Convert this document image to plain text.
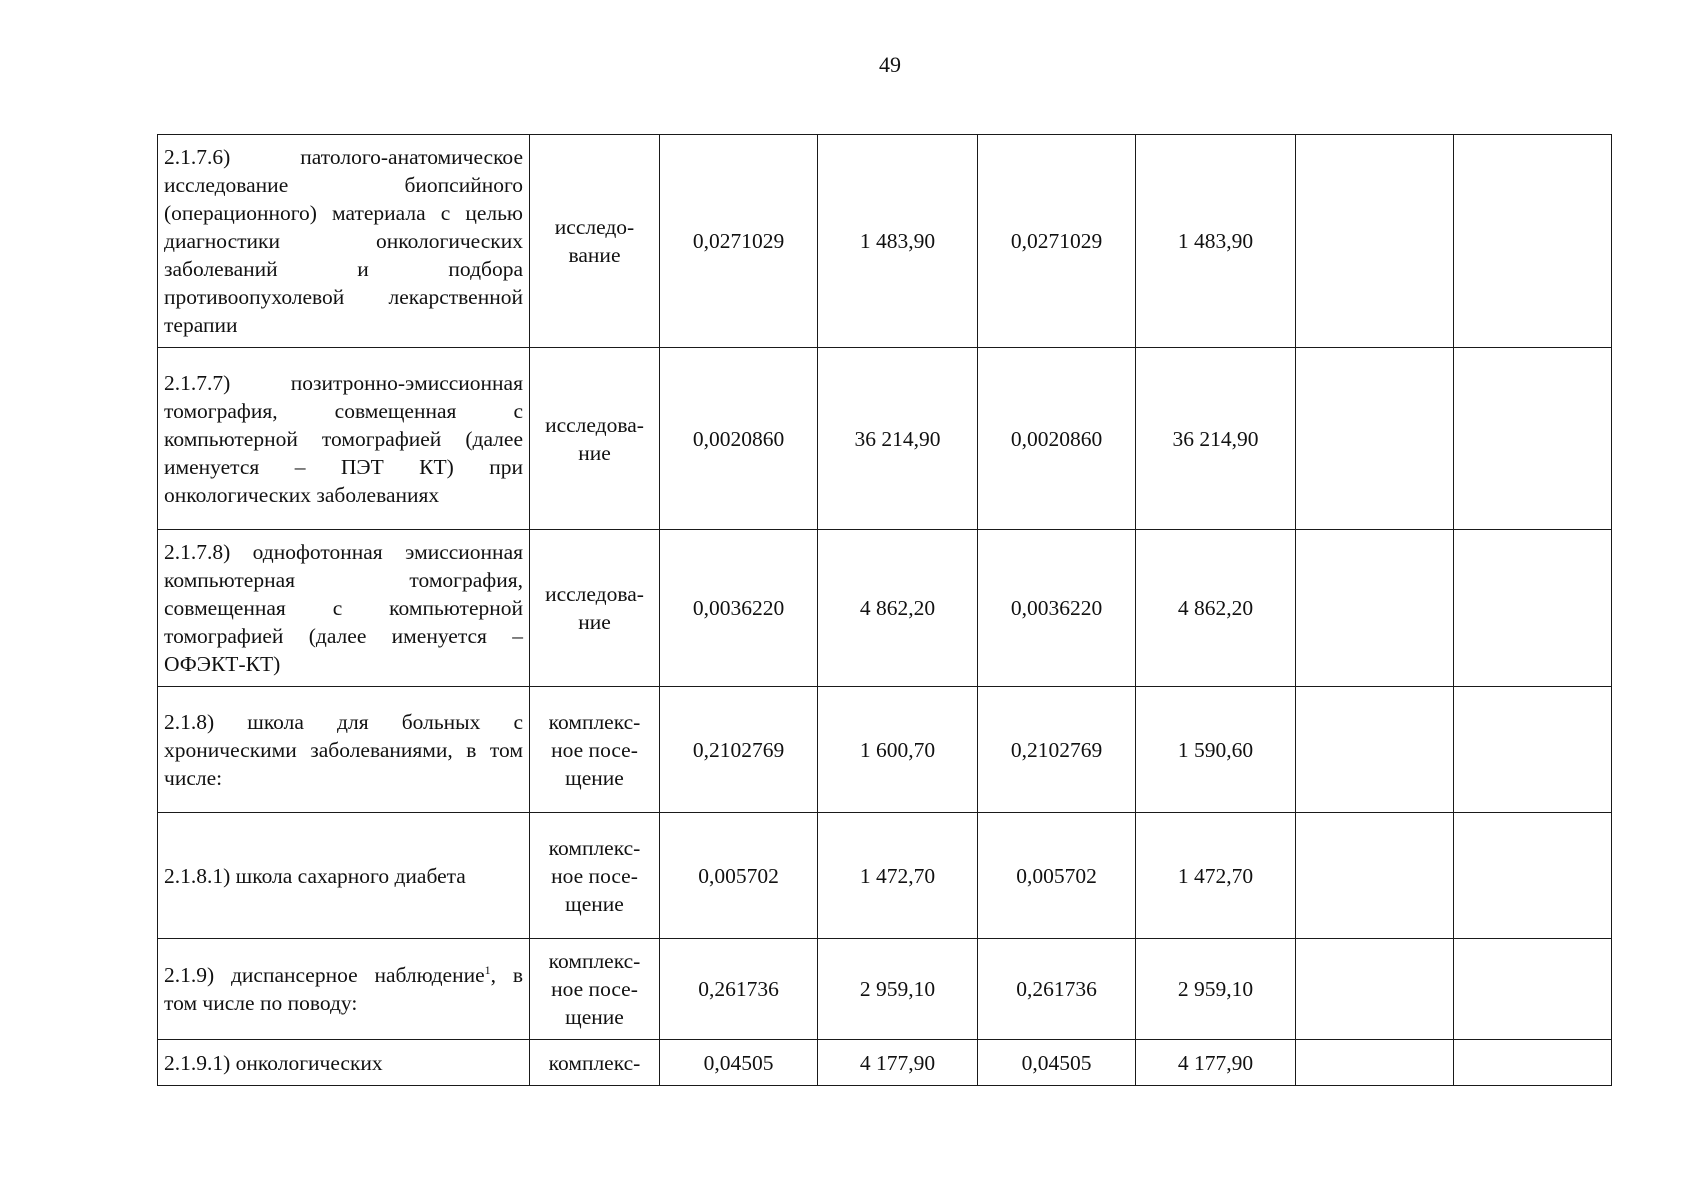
49
2.1.7.6) патолого-анатомическое исследование биопсийного (операционного) материала с целью диагностики онкологических заболеваний и подбора противоопухолевой лекарственной терапии	исследо-вание	0,0271029	1 483,90	0,0271029	1 483,90		
2.1.7.7) позитронно-эмиссионная томография, совмещенная с компьютерной томографией (далее именуется – ПЭТ КТ) при онкологических заболеваниях	исследова-ние	0,0020860	36 214,90	0,0020860	36 214,90		
2.1.7.8) однофотонная эмиссионная компьютерная томография, совмещенная с компьютерной томографией (далее именуется – ОФЭКТ-КТ)	исследова-ние	0,0036220	4 862,20	0,0036220	4 862,20		
2.1.8) школа для больных с хроническими заболеваниями, в том числе:	комплекс-ное посе-щение	0,2102769	1 600,70	0,2102769	1 590,60		
2.1.8.1) школа сахарного диабета	комплекс-ное посе-щение	0,005702	1 472,70	0,005702	1 472,70		
2.1.9) диспансерное наблюдение$^1$, в том числе по поводу:	комплекс-ное посе-щение	0,261736	2 959,10	0,261736	2 959,10		
2.1.9.1) онкологических	комплекс-	0,04505	4 177,90	0,04505	4 177,90		
